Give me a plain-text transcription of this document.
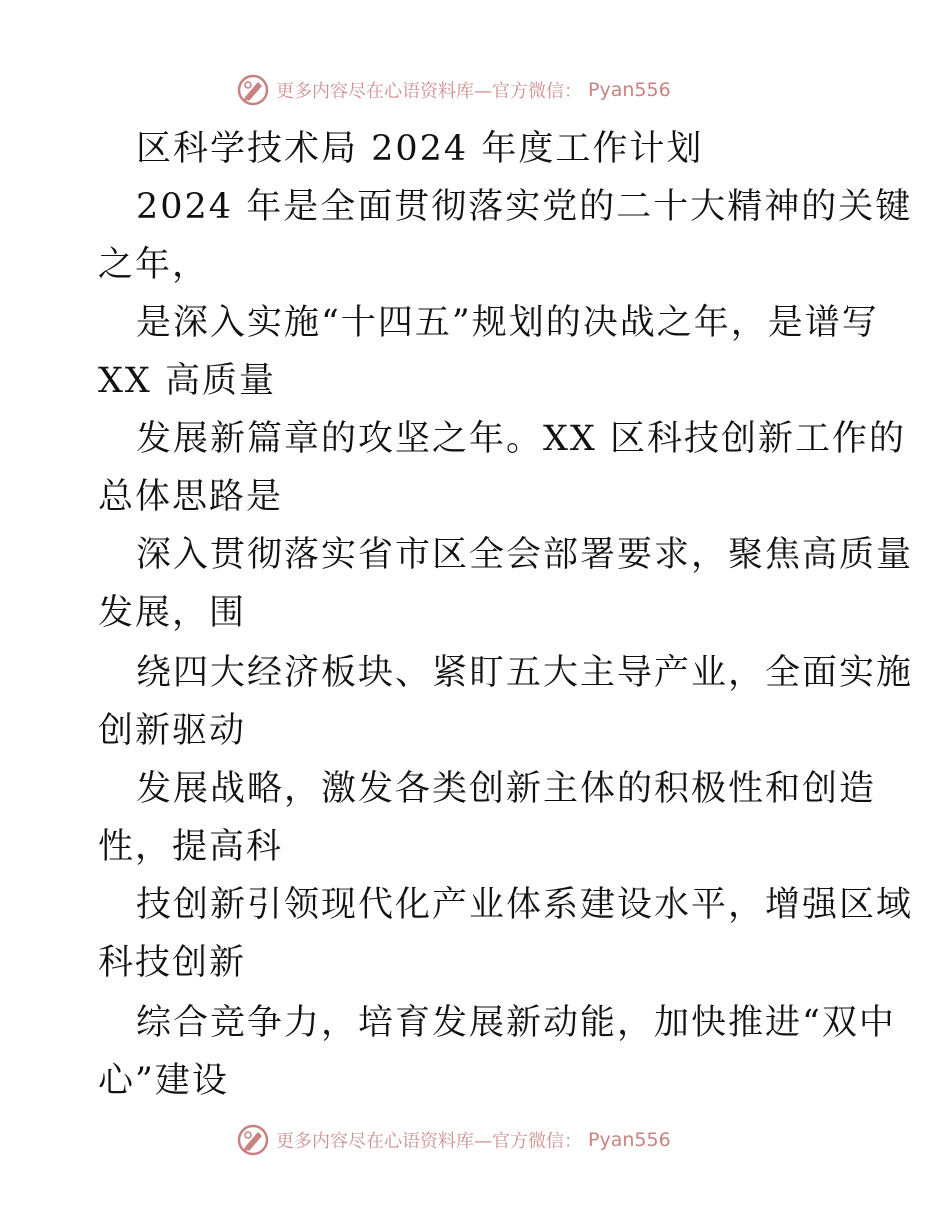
更多内容尽在心语资料库—官方微信： Pyan556
区科学技术局 2024 年度工作计划
2024 年是全面贯彻落实党的二十大精神的关键
之年，
是深入实施“十四五”规划的决战之年，是谱写
XX 高质量
发展新篇章的攻坚之年。XX 区科技创新工作的
总体思路是
深入贯彻落实省市区全会部署要求，聚焦高质量
发展，围
绕四大经济板块、紧盯五大主导产业，全面实施
创新驱动
发展战略，激发各类创新主体的积极性和创造
性，提高科
技创新引领现代化产业体系建设水平，增强区域
科技创新
综合竞争力，培育发展新动能，加快推进“双中
心”建设
更多内容尽在心语资料库—官方微信： Pyan556
